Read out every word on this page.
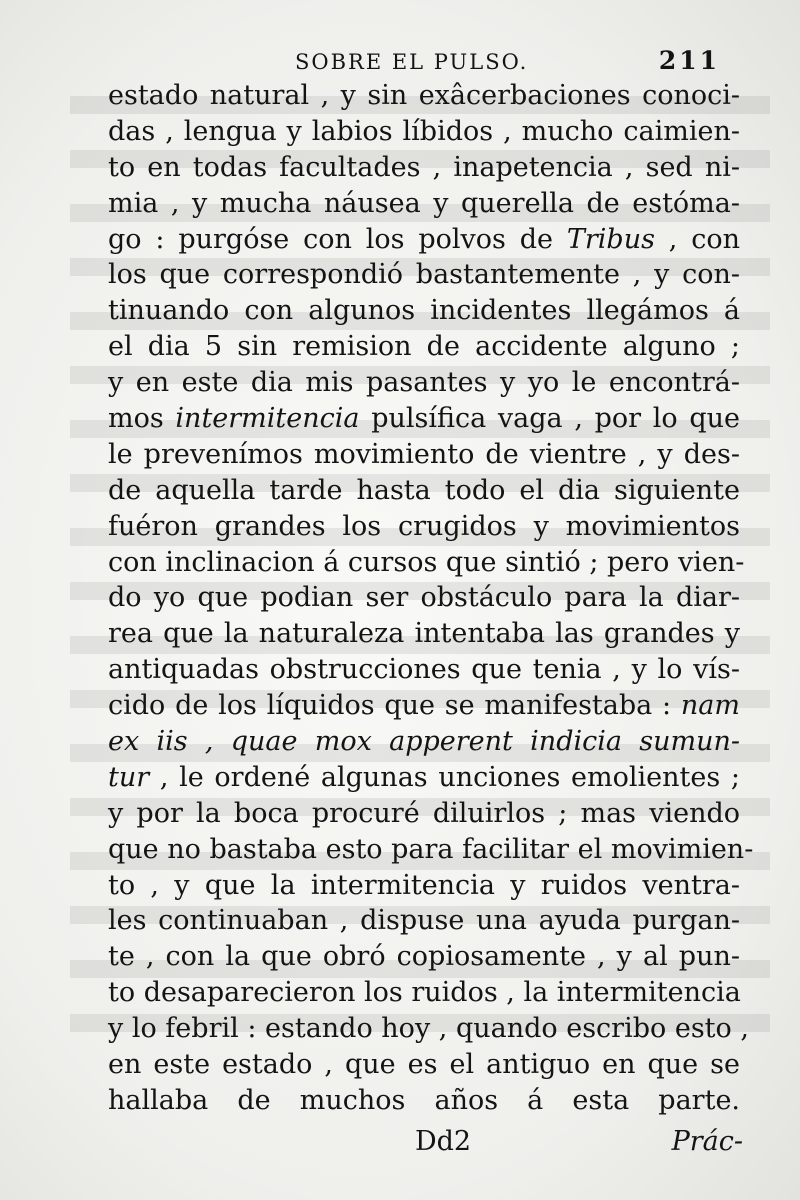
SOBRE EL PULSO.	211
estado natural , y sin exâcerbaciones conoci-
das , lengua y labios líbidos , mucho caimien-
to en todas facultades , inapetencia , sed ni-
mia , y mucha náusea y querella de estóma-
go : purgóse con los polvos de Tribus , con
los que correspondió bastantemente , y con-
tinuando con algunos incidentes llegámos á
el dia 5 sin remision de accidente alguno ;
y en este dia mis pasantes y yo le encontrá-
mos intermitencia pulsífica vaga , por lo que
le prevenímos movimiento de vientre , y des-
de aquella tarde hasta todo el dia siguiente
fuéron grandes los crugidos y movimientos
con inclinacion á cursos que sintió ; pero vien-
do yo que podian ser obstáculo para la diar-
rea que la naturaleza intentaba las grandes y
antiquadas obstrucciones que tenia , y lo vís-
cido de los líquidos que se manifestaba : nam
ex iis , quae mox apperent indicia sumun-
tur , le ordené algunas unciones emolientes ;
y por la boca procuré diluirlos ; mas viendo
que no bastaba esto para facilitar el movimien-
to , y que la intermitencia y ruidos ventra-
les continuaban , dispuse una ayuda purgan-
te , con la que obró copiosamente , y al pun-
to desaparecieron los ruidos , la intermitencia
y lo febril : estando hoy , quando escribo esto ,
en este estado , que es el antiguo en que se
hallaba de muchos años á esta parte.
Dd2	Prác-
